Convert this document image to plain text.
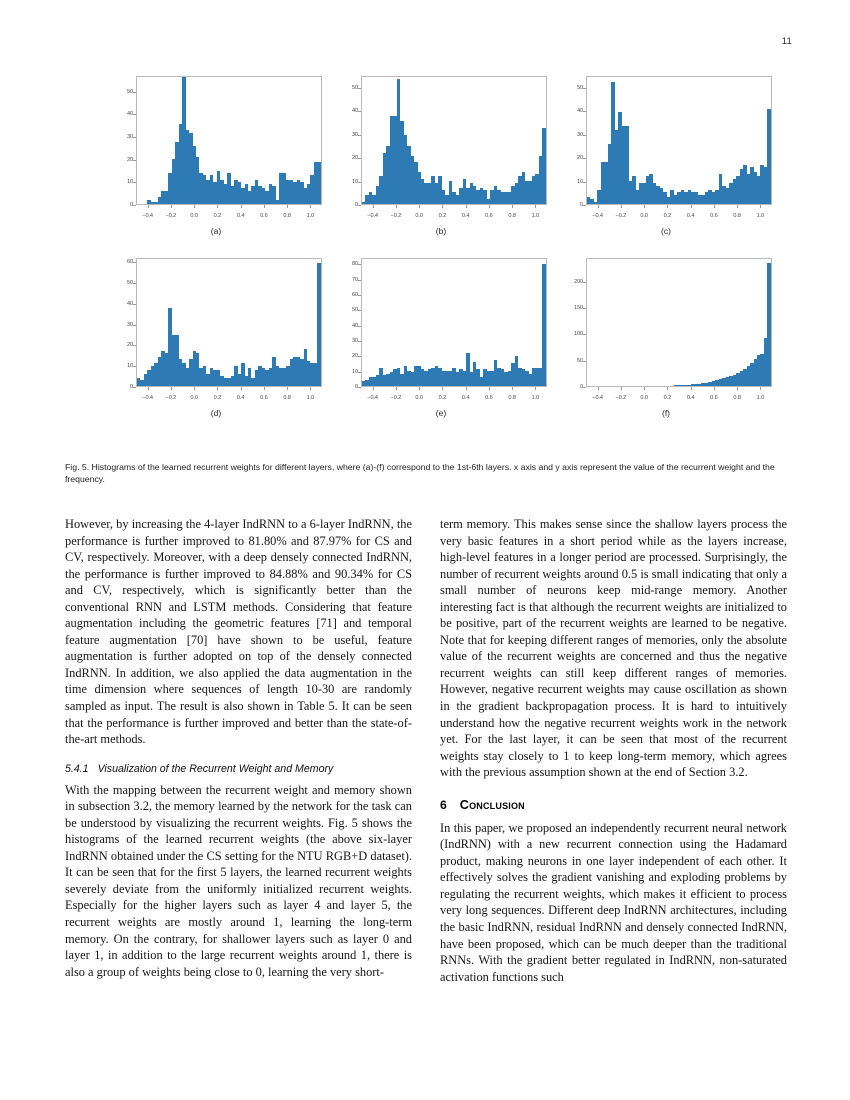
11
0
10
20
30
40
50
−0.4 −0.2	0.0	0.2	0.4	0.6	0.8	1.0
(a)
0
10
20
30
40
50
−0.4 −0.2	0.0	0.2	0.4	0.6	0.8	1.0
(b)
0
10
20
30
40
50
−0.4 −0.2	0.0	0.2	0.4	0.6	0.8	1.0
(c)
0
10
20
30
40
50
60
−0.4 −0.2	0.0	0.2	0.4	0.6	0.8	1.0
(d)
0
10
20
30
40
50
60
70
80
−0.4 −0.2	0.0	0.2	0.4	0.6	0.8	1.0
(e)
0
50
100
150
200
−0.4 −0.2	0.0	0.2	0.4	0.6	0.8	1.0
(f)
Fig. 5. Histograms of the learned recurrent weights for different layers, where (a)-(f) correspond to the 1st-6th layers. x axis and y axis represent the value of the recurrent weight and the frequency.

However, by increasing the 4-layer IndRNN to a 6-layer IndRNN, the performance is further improved to 81.80% and 87.97% for CS and CV, respectively. Moreover, with a deep densely connected IndRNN, the performance is further improved to 84.88% and 90.34% for CS and CV, respectively, which is significantly better than the conventional RNN and LSTM methods. Considering that feature augmentation including the geometric features [71] and temporal feature augmentation [70] have shown to be useful, feature augmentation is further adopted on top of the densely connected IndRNN. In addition, we also applied the data augmentation in the time dimension where sequences of length 10-30 are randomly sampled as input. The result is also shown in Table 5. It can be seen that the performance is further improved and better than the state-of-the-art methods.

5.4.1 Visualization of the Recurrent Weight and Memory

With the mapping between the recurrent weight and memory shown in subsection 3.2, the memory learned by the network for the task can be understood by visualizing the recurrent weights. Fig. 5 shows the histograms of the learned recurrent weights (the above six-layer IndRNN obtained under the CS setting for the NTU RGB+D dataset). It can be seen that for the first 5 layers, the learned recurrent weights severely deviate from the uniformly initialized recurrent weights. Especially for the higher layers such as layer 4 and layer 5, the recurrent weights are mostly around 1, learning the long-term memory. On the contrary, for shallower layers such as layer 0 and layer 1, in addition to the large recurrent weights around 1, there is also a group of weights being close to 0, learning the very short-

term memory. This makes sense since the shallow layers process the very basic features in a short period while as the layers increase, high-level features in a longer period are processed. Surprisingly, the number of recurrent weights around 0.5 is small indicating that only a small number of neurons keep mid-range memory. Another interesting fact is that although the recurrent weights are initialized to be positive, part of the recurrent weights are learned to be negative. Note that for keeping different ranges of memories, only the absolute value of the recurrent weights are concerned and thus the negative recurrent weights can still keep different ranges of memories. However, negative recurrent weights may cause oscillation as shown in the gradient backpropagation process. It is hard to intuitively understand how the negative recurrent weights work in the network yet. For the last layer, it can be seen that most of the recurrent weights stay closely to 1 to keep long-term memory, which agrees with the previous assumption shown at the end of Section 3.2.

6 Conclusion

In this paper, we proposed an independently recurrent neural network (IndRNN) with a new recurrent connection using the Hadamard product, making neurons in one layer independent of each other. It effectively solves the gradient vanishing and exploding problems by regulating the recurrent weights, which makes it efficient to process very long sequences. Different deep IndRNN architectures, including the basic IndRNN, residual IndRNN and densely connected IndRNN, have been proposed, which can be much deeper than the traditional RNNs. With the gradient better regulated in IndRNN, non-saturated activation functions such
